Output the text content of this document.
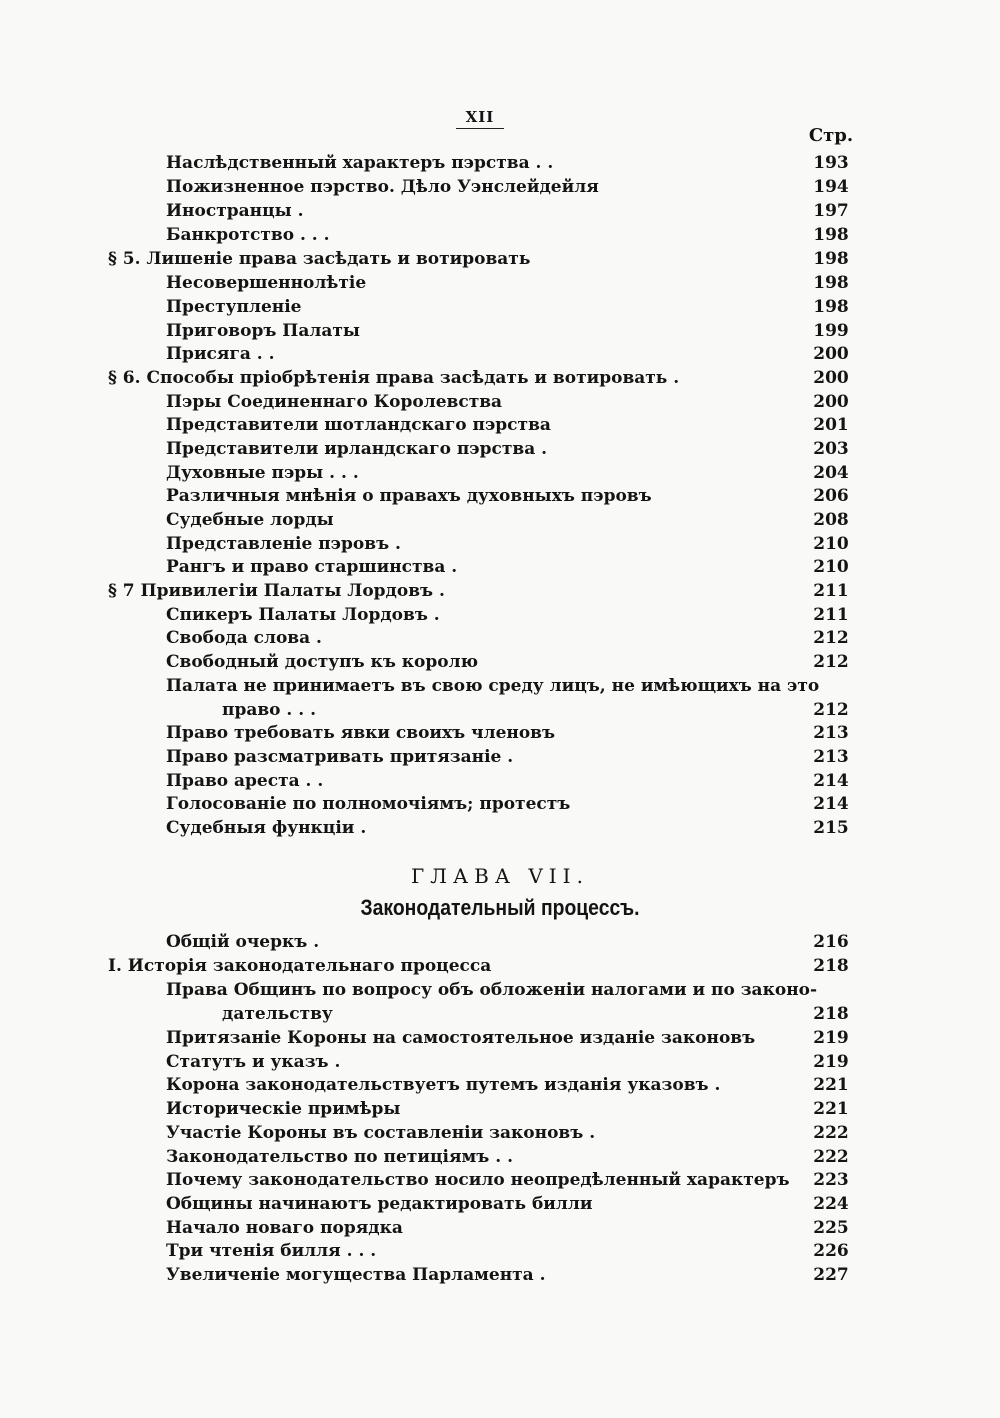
XII
Стр.
Наслѣдственный характеръ пэрства . .	193
Пожизненное пэрство. Дѣло Уэнслейдейля	194
Иностранцы .	197
Банкротство . . .	198
§ 5. Лишеніе права засѣдать и вотировать	198
Несовершеннолѣтіе	198
Преступленіе	198
Приговоръ Палаты	199
Присяга . .	200
§ 6. Способы пріобрѣтенія права засѣдать и вотировать .	200
Пэры Соединеннаго Королевства	200
Представители шотландскаго пэрства	201
Представители ирландскаго пэрства .	203
Духовные пэры . . .	204
Различныя мнѣнія о правахъ духовныхъ пэровъ	206
Судебные лорды	208
Представленіе пэровъ .	210
Рангъ и право старшинства .	210
§ 7 Привилегіи Палаты Лордовъ .	211
Спикеръ Палаты Лордовъ .	211
Свобода слова .	212
Свободный доступъ къ королю	212
Палата не принимаетъ въ свою среду лицъ, не имѣющихъ на это
право . . .	212
Право требовать явки своихъ членовъ	213
Право разсматривать притязаніе .	213
Право ареста . .	214
Голосованіе по полномочіямъ; протестъ	214
Судебныя функціи .	215
ГЛАВА VII.
Законодательный процессъ.
Общій очеркъ .	216
I. Исторія законодательнаго процесса	218
Права Общинъ по вопросу объ обложеніи налогами и по законо-
дательству	218
Притязаніе Короны на самостоятельное изданіе законовъ	219
Статутъ и указъ .	219
Корона законодательствуетъ путемъ изданія указовъ .	221
Историческіе примѣры	221
Участіе Короны въ составленіи законовъ .	222
Законодательство по петиціямъ . .	222
Почему законодательство носило неопредѣленный характеръ	223
Общины начинаютъ редактировать билли	224
Начало новаго порядка	225
Три чтенія билля . . .	226
Увеличеніе могущества Парламента .	227
